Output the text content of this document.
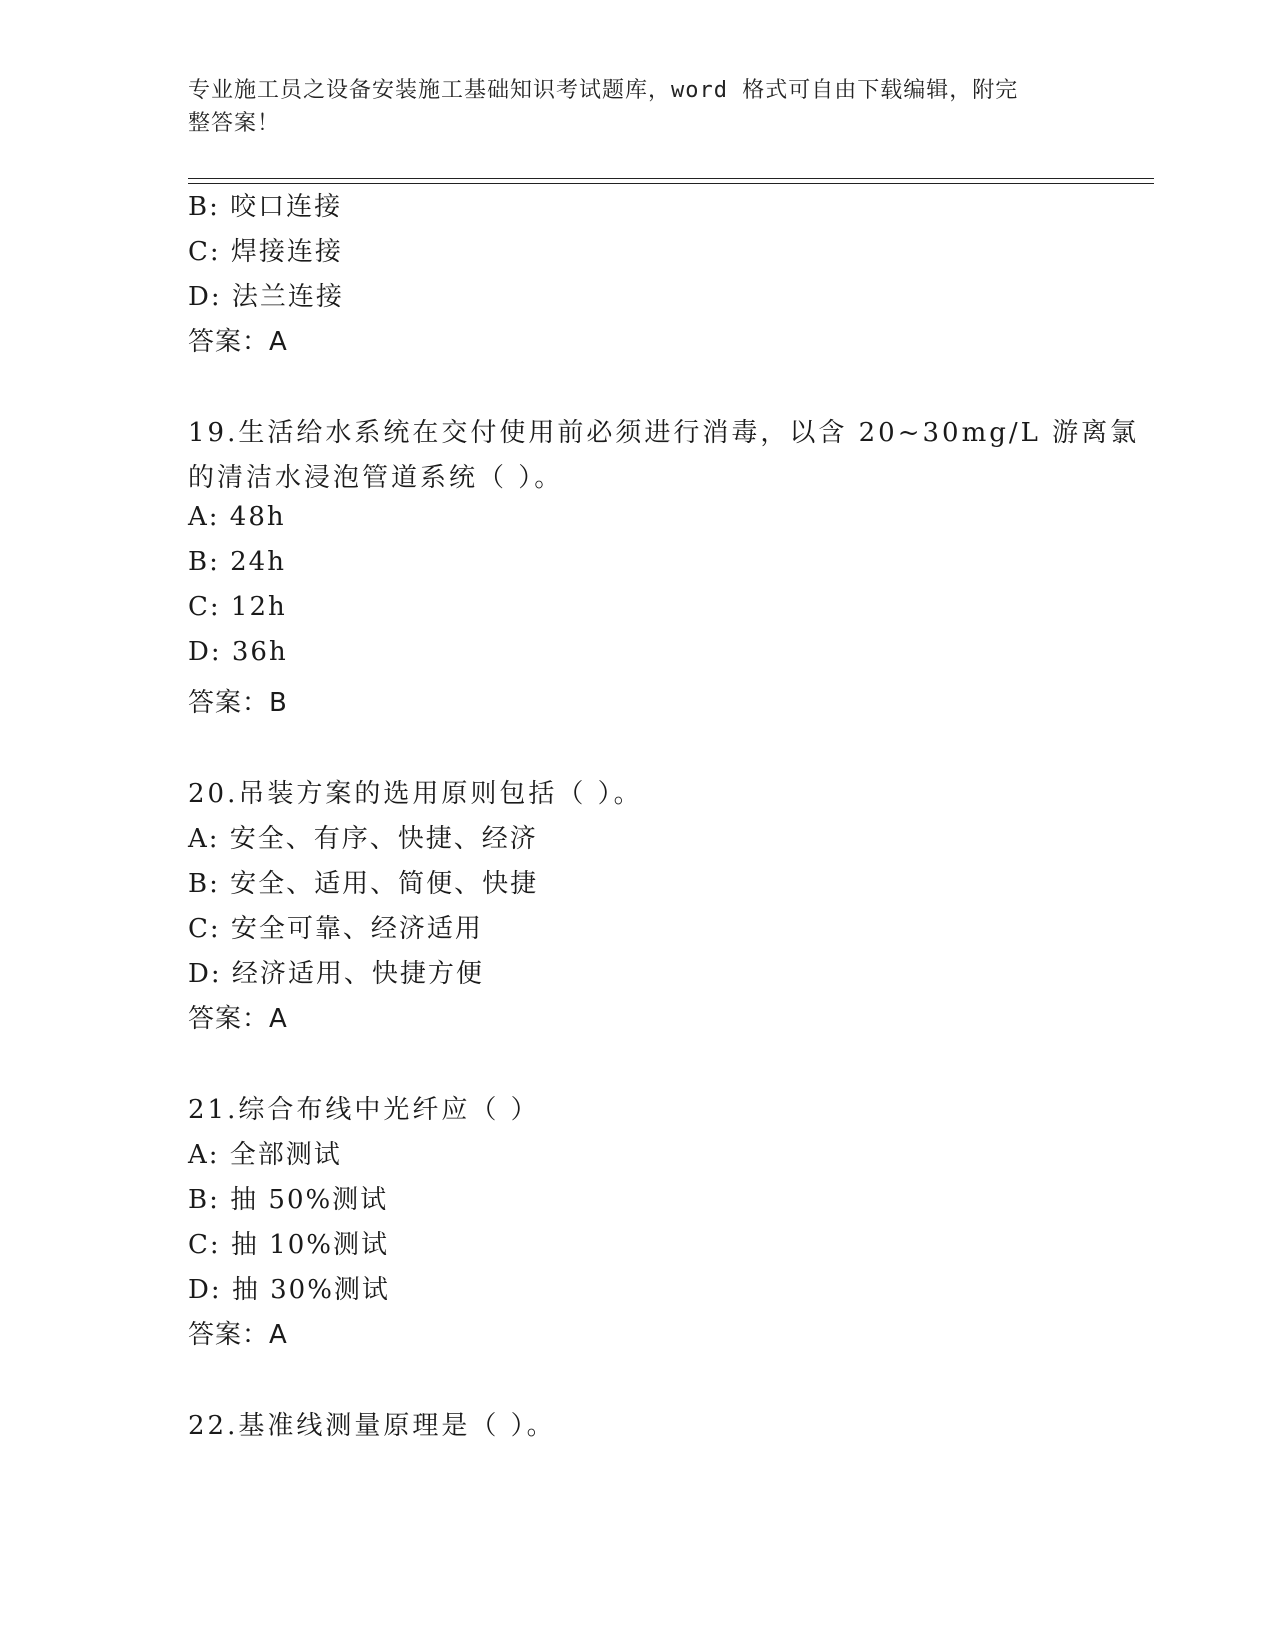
专业施工员之设备安装施工基础知识考试题库，word 格式可自由下载编辑，附完
整答案！
B: 咬口连接
C: 焊接连接
D: 法兰连接
答案：A
19.生活给水系统在交付使用前必须进行消毒，以含 20~30mg/L 游离氯
的清洁水浸泡管道系统（ ）。
A: 48h
B: 24h
C: 12h
D: 36h
答案：B
20.吊装方案的选用原则包括（ ）。
A: 安全、有序、快捷、经济
B: 安全、适用、简便、快捷
C: 安全可靠、经济适用
D: 经济适用、快捷方便
答案：A
21.综合布线中光纤应（ ）
A: 全部测试
B: 抽 50%测试
C: 抽 10%测试
D: 抽 30%测试
答案：A
22.基准线测量原理是（ ）。
